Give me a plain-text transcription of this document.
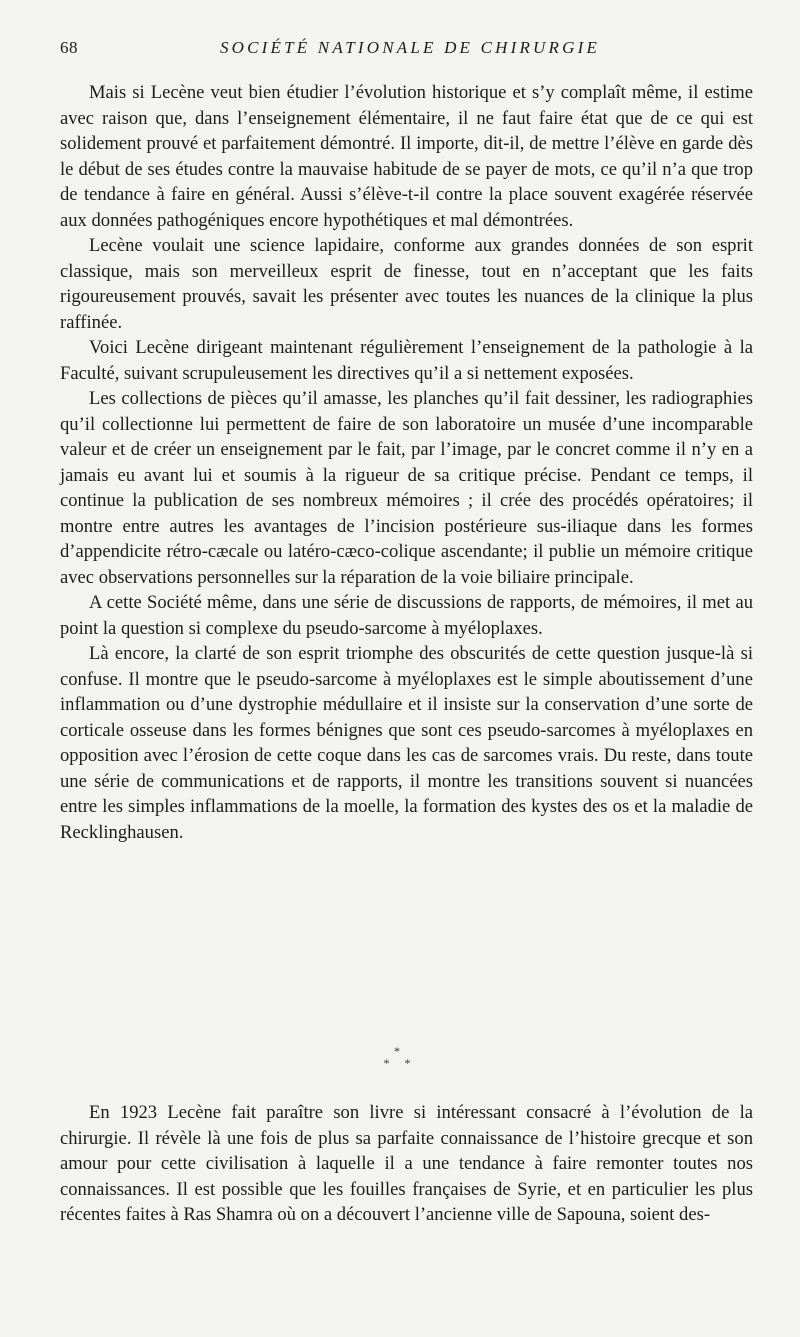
68	SOCIÉTÉ NATIONALE DE CHIRURGIE

Mais si Lecène veut bien étudier l’évolution historique et s’y complaît même, il estime avec raison que, dans l’enseignement élémentaire, il ne faut faire état que de ce qui est solidement prouvé et parfaitement démontré. Il importe, dit-il, de mettre l’élève en garde dès le début de ses études contre la mauvaise habitude de se payer de mots, ce qu’il n’a que trop de tendance à faire en général. Aussi s’élève-t-il contre la place souvent exagérée réservée aux données pathogéniques encore hypothétiques et mal démontrées.

Lecène voulait une science lapidaire, conforme aux grandes données de son esprit classique, mais son merveilleux esprit de finesse, tout en n’acceptant que les faits rigoureusement prouvés, savait les présenter avec toutes les nuances de la clinique la plus raffinée.

Voici Lecène dirigeant maintenant régulièrement l’enseignement de la pathologie à la Faculté, suivant scrupuleusement les directives qu’il a si nettement exposées.

Les collections de pièces qu’il amasse, les planches qu’il fait dessiner, les radiographies qu’il collectionne lui permettent de faire de son laboratoire un musée d’une incomparable valeur et de créer un enseignement par le fait, par l’image, par le concret comme il n’y en a jamais eu avant lui et soumis à la rigueur de sa critique précise. Pendant ce temps, il continue la publication de ses nombreux mémoires ; il crée des procédés opératoires; il montre entre autres les avantages de l’incision postérieure sus-iliaque dans les formes d’appendicite rétro-cæcale ou latéro-cæco-colique ascendante; il publie un mémoire critique avec observations personnelles sur la réparation de la voie biliaire principale.

A cette Société même, dans une série de discussions de rapports, de mémoires, il met au point la question si complexe du pseudo-sarcome à myéloplaxes.

Là encore, la clarté de son esprit triomphe des obscurités de cette question jusque-là si confuse. Il montre que le pseudo-sarcome à myéloplaxes est le simple aboutissement d’une inflammation ou d’une dystrophie médullaire et il insiste sur la conservation d’une sorte de corticale osseuse dans les formes bénignes que sont ces pseudo-sarcomes à myéloplaxes en opposition avec l’érosion de cette coque dans les cas de sarcomes vrais. Du reste, dans toute une série de communications et de rapports, il montre les transitions souvent si nuancées entre les simples inflammations de la moelle, la formation des kystes des os et la maladie de Recklinghausen.

*
* *

En 1923 Lecène fait paraître son livre si intéressant consacré à l’évolution de la chirurgie. Il révèle là une fois de plus sa parfaite connaissance de l’histoire grecque et son amour pour cette civilisation à laquelle il a une tendance à faire remonter toutes nos connaissances. Il est possible que les fouilles françaises de Syrie, et en particulier les plus récentes faites à Ras Shamra où on a découvert l’ancienne ville de Sapouna, soient des-
